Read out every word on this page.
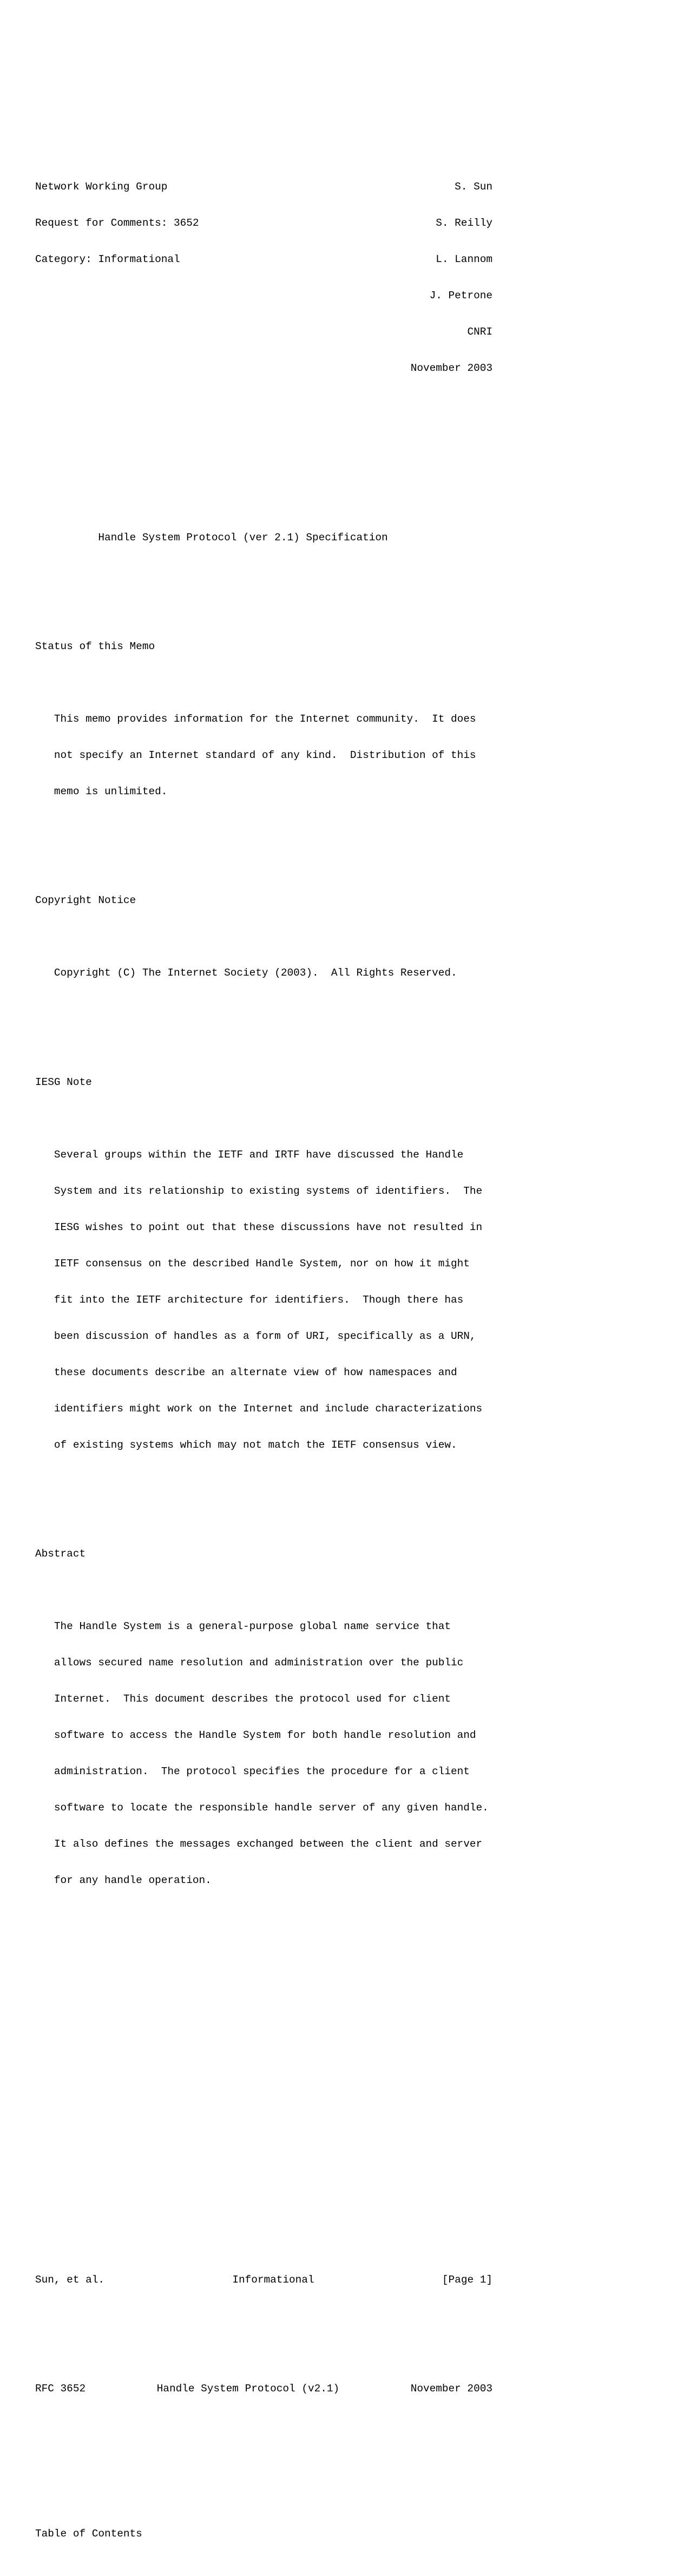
Network Working Group	S. Sun

Request for Comments: 3652	S. Reilly

Category: Informational	L. Lannom

J. Petrone

CNRI

November 2003

Handle System Protocol (ver 2.1) Specification

Status of this Memo

This memo provides information for the Internet community.  It does

not specify an Internet standard of any kind.  Distribution of this

memo is unlimited.

Copyright Notice

Copyright (C) The Internet Society (2003).  All Rights Reserved.

IESG Note

Several groups within the IETF and IRTF have discussed the Handle

System and its relationship to existing systems of identifiers.  The

IESG wishes to point out that these discussions have not resulted in

IETF consensus on the described Handle System, nor on how it might

fit into the IETF architecture for identifiers.  Though there has

been discussion of handles as a form of URI, specifically as a URN,

these documents describe an alternate view of how namespaces and

identifiers might work on the Internet and include characterizations

of existing systems which may not match the IETF consensus view.

Abstract

The Handle System is a general-purpose global name service that

allows secured name resolution and administration over the public

Internet.  This document describes the protocol used for client

software to access the Handle System for both handle resolution and

administration.  The protocol specifies the procedure for a client

software to locate the responsible handle server of any given handle.

It also defines the messages exchanged between the client and server

for any handle operation.

Sun, et al.	Informational	[Page 1]

RFC 3652	Handle System Protocol (v2.1)	November 2003

Table of Contents
